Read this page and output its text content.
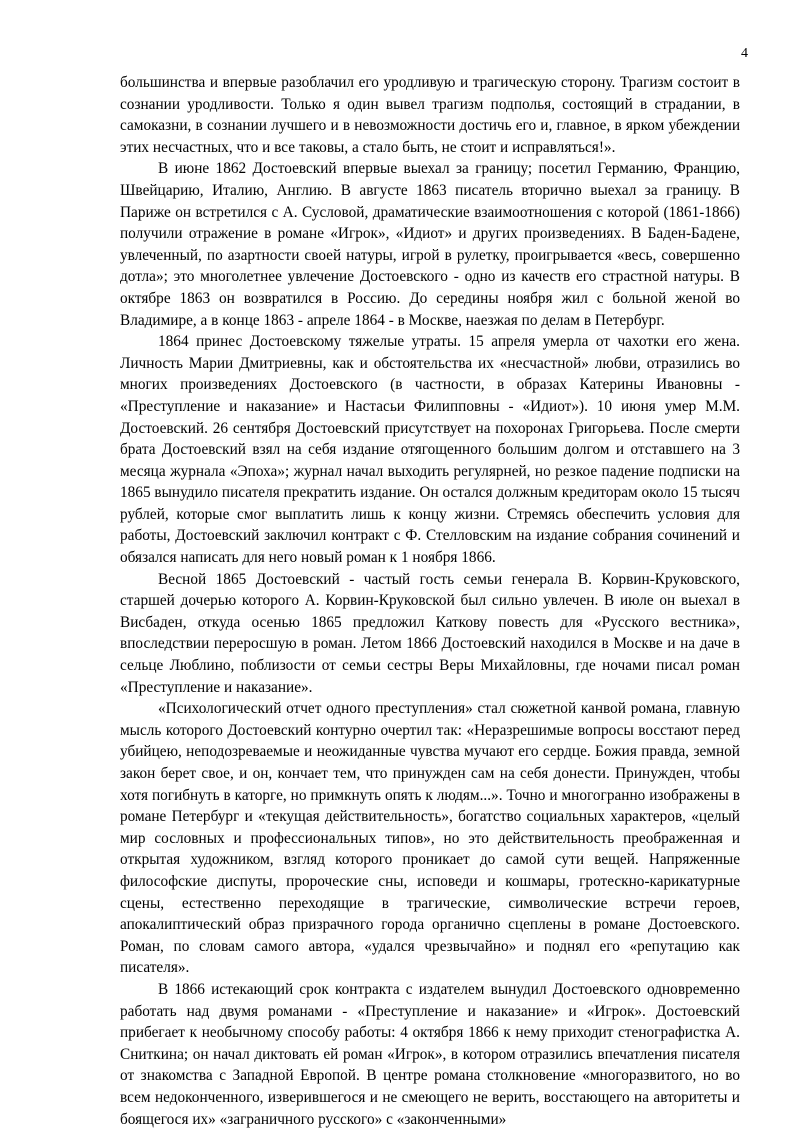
4

большинства и впервые разоблачил его уродливую и трагическую сторону. Трагизм состоит в сознании уродливости. Только я один вывел трагизм подполья, состоящий в страдании, в самоказни, в сознании лучшего и в невозможности достичь его и, главное, в ярком убеждении этих несчастных, что и все таковы, а стало быть, не стоит и исправляться!».

В июне 1862 Достоевский впервые выехал за границу; посетил Германию, Францию, Швейцарию, Италию, Англию. В августе 1863 писатель вторично выехал за границу. В Париже он встретился с А. Сусловой, драматические взаимоотношения с которой (1861-1866) получили отражение в романе «Игрок», «Идиот» и других произведениях. В Баден-Бадене, увлеченный, по азартности своей натуры, игрой в рулетку, проигрывается «весь, совершенно дотла»; это многолетнее увлечение Достоевского - одно из качеств его страстной натуры. В октябре 1863 он возвратился в Россию. До середины ноября жил с больной женой во Владимире, а в конце 1863 - апреле 1864 - в Москве, наезжая по делам в Петербург.

1864 принес Достоевскому тяжелые утраты. 15 апреля умерла от чахотки его жена. Личность Марии Дмитриевны, как и обстоятельства их «несчастной» любви, отразились во многих произведениях Достоевского (в частности, в образах Катерины Ивановны - «Преступление и наказание» и Настасьи Филипповны - «Идиот»). 10 июня умер М.М. Достоевский. 26 сентября Достоевский присутствует на похоронах Григорьева. После смерти брата Достоевский взял на себя издание отягощенного большим долгом и отставшего на 3 месяца журнала «Эпоха»; журнал начал выходить регулярней, но резкое падение подписки на 1865 вынудило писателя прекратить издание. Он остался должным кредиторам около 15 тысяч рублей, которые смог выплатить лишь к концу жизни. Стремясь обеспечить условия для работы, Достоевский заключил контракт с Ф. Стелловским на издание собрания сочинений и обязался написать для него новый роман к 1 ноября 1866.

Весной 1865 Достоевский - частый гость семьи генерала В. Корвин-Круковского, старшей дочерью которого А. Корвин-Круковской был сильно увлечен. В июле он выехал в Висбаден, откуда осенью 1865 предложил Каткову повесть для «Русского вестника», впоследствии переросшую в роман. Летом 1866 Достоевский находился в Москве и на даче в сельце Люблино, поблизости от семьи сестры Веры Михайловны, где ночами писал роман «Преступление и наказание».

«Психологический отчет одного преступления» стал сюжетной канвой романа, главную мысль которого Достоевский контурно очертил так: «Неразрешимые вопросы восстают перед убийцею, неподозреваемые и неожиданные чувства мучают его сердце. Божия правда, земной закон берет свое, и он, кончает тем, что принужден сам на себя донести. Принужден, чтобы хотя погибнуть в каторге, но примкнуть опять к людям...». Точно и многогранно изображены в романе Петербург и «текущая действительность», богатство социальных характеров, «целый мир сословных и профессиональных типов», но это действительность преображенная и открытая художником, взгляд которого проникает до самой сути вещей. Напряженные философские диспуты, пророческие сны, исповеди и кошмары, гротескно-карикатурные сцены, естественно переходящие в трагические, символические встречи героев, апокалиптический образ призрачного города органично сцеплены в романе Достоевского. Роман, по словам самого автора, «удался чрезвычайно» и поднял его «репутацию как писателя».

В 1866 истекающий срок контракта с издателем вынудил Достоевского одновременно работать над двумя романами - «Преступление и наказание» и «Игрок». Достоевский прибегает к необычному способу работы: 4 октября 1866 к нему приходит стенографистка А. Сниткина; он начал диктовать ей роман «Игрок», в котором отразились впечатления писателя от знакомства с Западной Европой. В центре романа столкновение «многоразвитого, но во всем недоконченного, изверившегося и не смеющего не верить, восстающего на авторитеты и боящегося их» «заграничного русского» с «законченными»
